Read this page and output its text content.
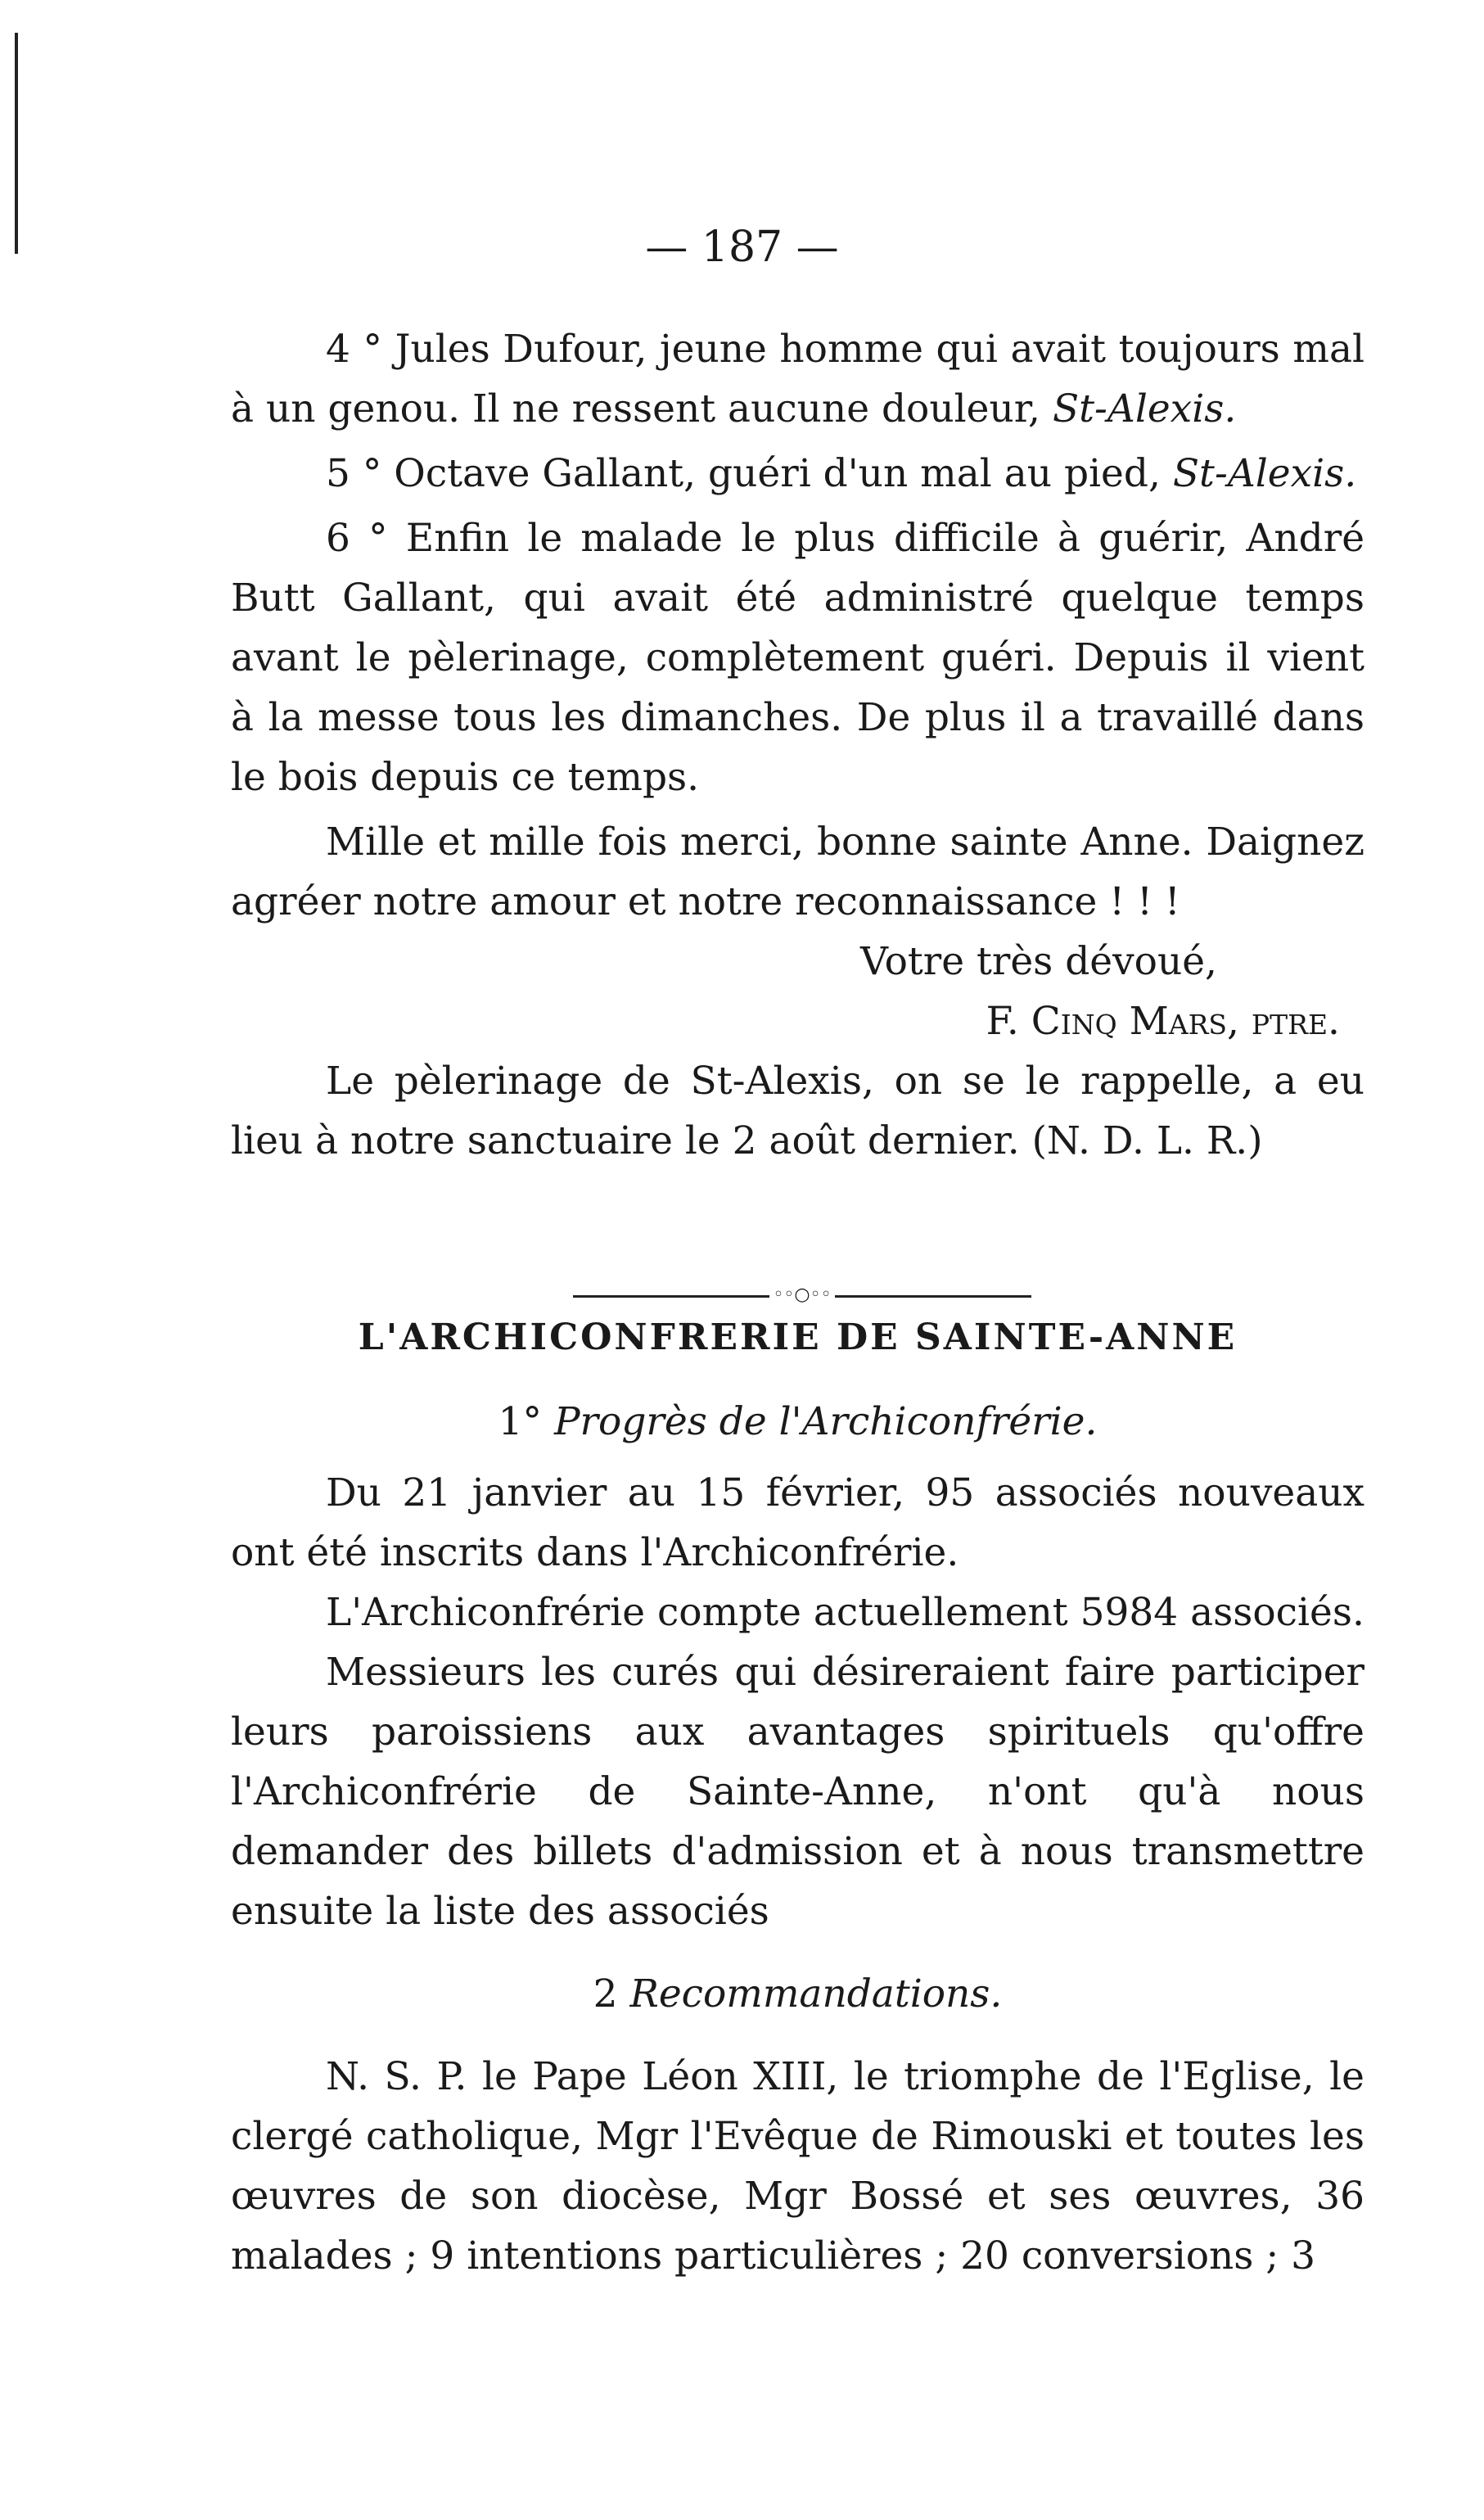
— 187 —

4 ° Jules Dufour, jeune homme qui avait toujours mal à un genou. Il ne ressent aucune douleur, St-Alexis.

5 ° Octave Gallant, guéri d'un mal au pied, St-Alexis.

6 ° Enfin le malade le plus difficile à guérir, André Butt Gallant, qui avait été administré quelque temps avant le pèlerinage, complètement guéri. Depuis il vient à la messe tous les dimanches. De plus il a travaillé dans le bois depuis ce temps.

Mille et mille fois merci, bonne sainte Anne. Daignez agréer notre amour et notre reconnaissance ! ! !

Votre très dévoué,

F. Cinq Mars, ptre.

Le pèlerinage de St-Alexis, on se le rappelle, a eu lieu à notre sanctuaire le 2 août dernier. (N. D. L. R.)

◦◦○◦◦
L'ARCHICONFRERIE DE SAINTE-ANNE

1° Progrès de l'Archiconfrérie.

Du 21 janvier au 15 février, 95 associés nouveaux ont été inscrits dans l'Archiconfrérie.

L'Archiconfrérie compte actuellement 5984 associés.

Messieurs les curés qui désireraient faire participer leurs paroissiens aux avantages spirituels qu'offre l'Archiconfrérie de Sainte-Anne, n'ont qu'à nous demander des billets d'admission et à nous transmettre ensuite la liste des associés

2 Recommandations.

N. S. P. le Pape Léon XIII, le triomphe de l'Eglise, le clergé catholique, Mgr l'Evêque de Rimouski et toutes les œuvres de son diocèse, Mgr Bossé et ses œuvres, 36 malades ; 9 intentions particulières ; 20 conversions ; 3
